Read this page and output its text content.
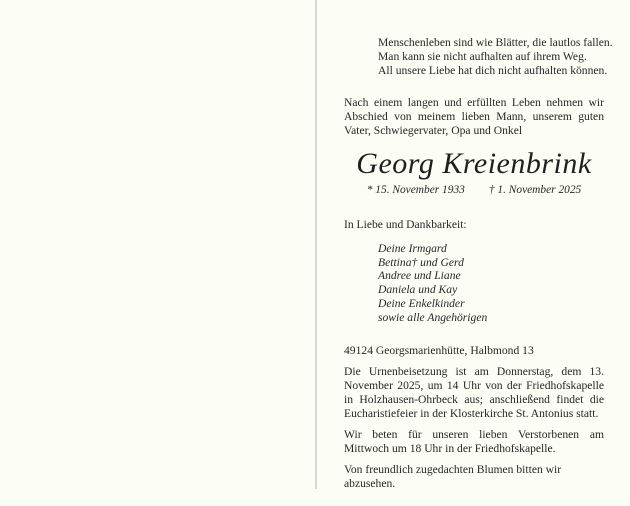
Menschenleben sind wie Blätter, die lautlos fallen.
Man kann sie nicht aufhalten auf ihrem Weg.
All unsere Liebe hat dich nicht aufhalten können.

Nach einem langen und erfüllten Leben nehmen wir Abschied von meinem lieben Mann, unserem guten Vater, Schwiegervater, Opa und Onkel

Georg Kreienbrink
* 15. November 1933 † 1. November 2025

In Liebe und Dankbarkeit:

Deine Irmgard
Bettina† und Gerd
Andree und Liane
Daniela und Kay
Deine Enkelkinder
sowie alle Angehörigen

49124 Georgsmarienhütte, Halbmond 13

Die Urnenbeisetzung ist am Donnerstag, dem 13. November 2025, um 14 Uhr von der Friedhofskapelle in Holzhausen-Ohrbeck aus; anschließend findet die Eucharistiefeier in der Klosterkirche St. Antonius statt.

Wir beten für unseren lieben Verstorbenen am Mittwoch um 18 Uhr in der Friedhofskapelle.

Von freundlich zugedachten Blumen bitten wir abzusehen.
